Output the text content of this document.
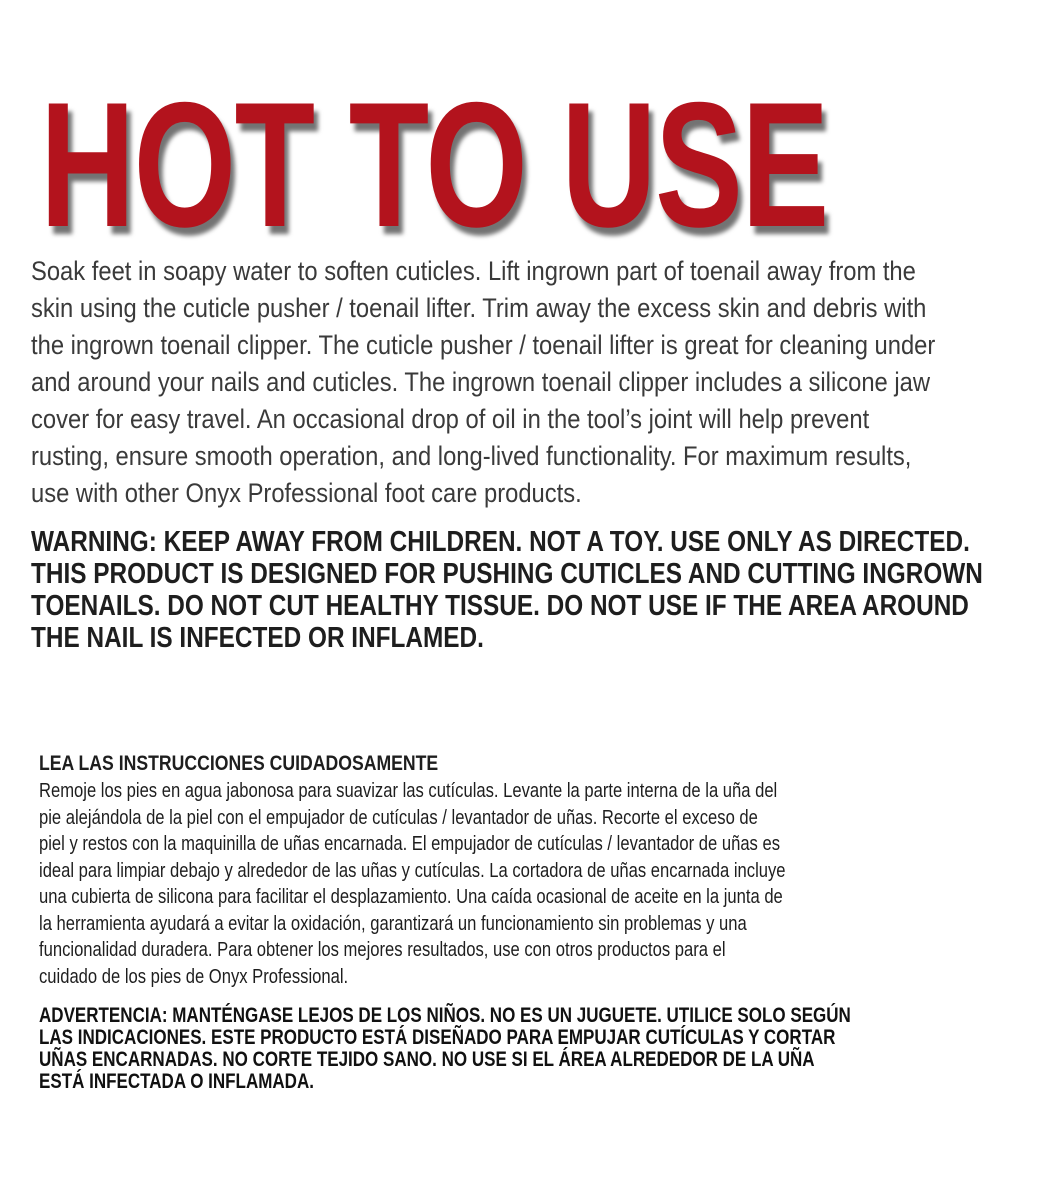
HOT TO USE

Soak feet in soapy water to soften cuticles. Lift ingrown part of toenail away from the
skin using the cuticle pusher / toenail lifter. Trim away the excess skin and debris with
the ingrown toenail clipper. The cuticle pusher / toenail lifter is great for cleaning under
and around your nails and cuticles. The ingrown toenail clipper includes a silicone jaw
cover for easy travel. An occasional drop of oil in the tool’s joint will help prevent
rusting, ensure smooth operation, and long-lived functionality. For maximum results,
use with other Onyx Professional foot care products.

WARNING: KEEP AWAY FROM CHILDREN. NOT A TOY. USE ONLY AS DIRECTED.
THIS PRODUCT IS DESIGNED FOR PUSHING CUTICLES AND CUTTING INGROWN
TOENAILS. DO NOT CUT HEALTHY TISSUE. DO NOT USE IF THE AREA AROUND
THE NAIL IS INFECTED OR INFLAMED.

LEA LAS INSTRUCCIONES CUIDADOSAMENTE

Remoje los pies en agua jabonosa para suavizar las cutículas. Levante la parte interna de la uña del
pie alejándola de la piel con el empujador de cutículas / levantador de uñas. Recorte el exceso de
piel y restos con la maquinilla de uñas encarnada. El empujador de cutículas / levantador de uñas es
ideal para limpiar debajo y alrededor de las uñas y cutículas. La cortadora de uñas encarnada incluye
una cubierta de silicona para facilitar el desplazamiento. Una caída ocasional de aceite en la junta de
la herramienta ayudará a evitar la oxidación, garantizará un funcionamiento sin problemas y una
funcionalidad duradera. Para obtener los mejores resultados, use con otros productos para el
cuidado de los pies de Onyx Professional.

ADVERTENCIA: MANTÉNGASE LEJOS DE LOS NIÑOS. NO ES UN JUGUETE. UTILICE SOLO SEGÚN
LAS INDICACIONES. ESTE PRODUCTO ESTÁ DISEÑADO PARA EMPUJAR CUTÍCULAS Y CORTAR
UÑAS ENCARNADAS. NO CORTE TEJIDO SANO. NO USE SI EL ÁREA ALREDEDOR DE LA UÑA
ESTÁ INFECTADA O INFLAMADA.
